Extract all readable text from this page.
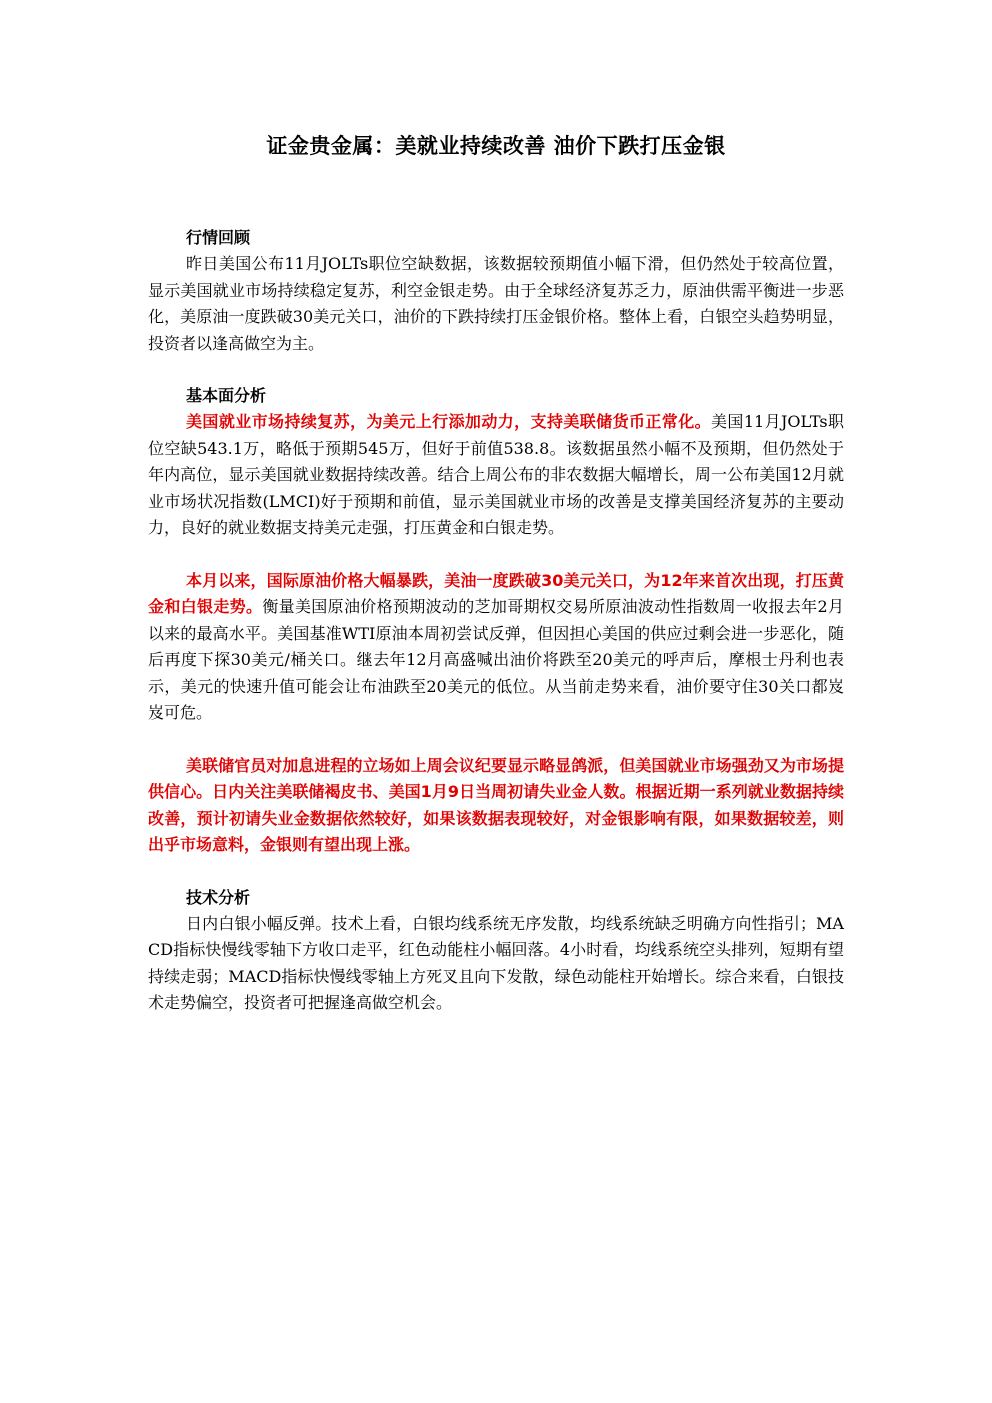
证金贵金属：美就业持续改善 油价下跌打压金银
行情回顾

昨日美国公布11月JOLTs职位空缺数据，该数据较预期值小幅下滑，但仍然处于较高位置，显示美国就业市场持续稳定复苏，利空金银走势。由于全球经济复苏乏力，原油供需平衡进一步恶化，美原油一度跌破30美元关口，油价的下跌持续打压金银价格。整体上看，白银空头趋势明显，投资者以逢高做空为主。

基本面分析

美国就业市场持续复苏，为美元上行添加动力，支持美联储货币正常化。美国11月JOLTs职位空缺543.1万，略低于预期545万，但好于前值538.8。该数据虽然小幅不及预期，但仍然处于年内高位，显示美国就业数据持续改善。结合上周公布的非农数据大幅增长，周一公布美国12月就业市场状况指数(LMCI)好于预期和前值，显示美国就业市场的改善是支撑美国经济复苏的主要动力，良好的就业数据支持美元走强，打压黄金和白银走势。

本月以来，国际原油价格大幅暴跌，美油一度跌破30美元关口，为12年来首次出现，打压黄金和白银走势。衡量美国原油价格预期波动的芝加哥期权交易所原油波动性指数周一收报去年2月以来的最高水平。美国基准WTI原油本周初尝试反弹，但因担心美国的供应过剩会进一步恶化，随后再度下探30美元/桶关口。继去年12月高盛喊出油价将跌至20美元的呼声后，摩根士丹利也表示，美元的快速升值可能会让布油跌至20美元的低位。从当前走势来看，油价要守住30关口都岌岌可危。

美联储官员对加息进程的立场如上周会议纪要显示略显鸽派，但美国就业市场强劲又为市场提供信心。日内关注美联储褐皮书、美国1月9日当周初请失业金人数。根据近期一系列就业数据持续改善，预计初请失业金数据依然较好，如果该数据表现较好，对金银影响有限，如果数据较差，则出乎市场意料，金银则有望出现上涨。

技术分析

日内白银小幅反弹。技术上看，白银均线系统无序发散，均线系统缺乏明确方向性指引；MACD指标快慢线零轴下方收口走平，红色动能柱小幅回落。4小时看，均线系统空头排列，短期有望持续走弱；MACD指标快慢线零轴上方死叉且向下发散，绿色动能柱开始增长。综合来看，白银技术走势偏空，投资者可把握逢高做空机会。
